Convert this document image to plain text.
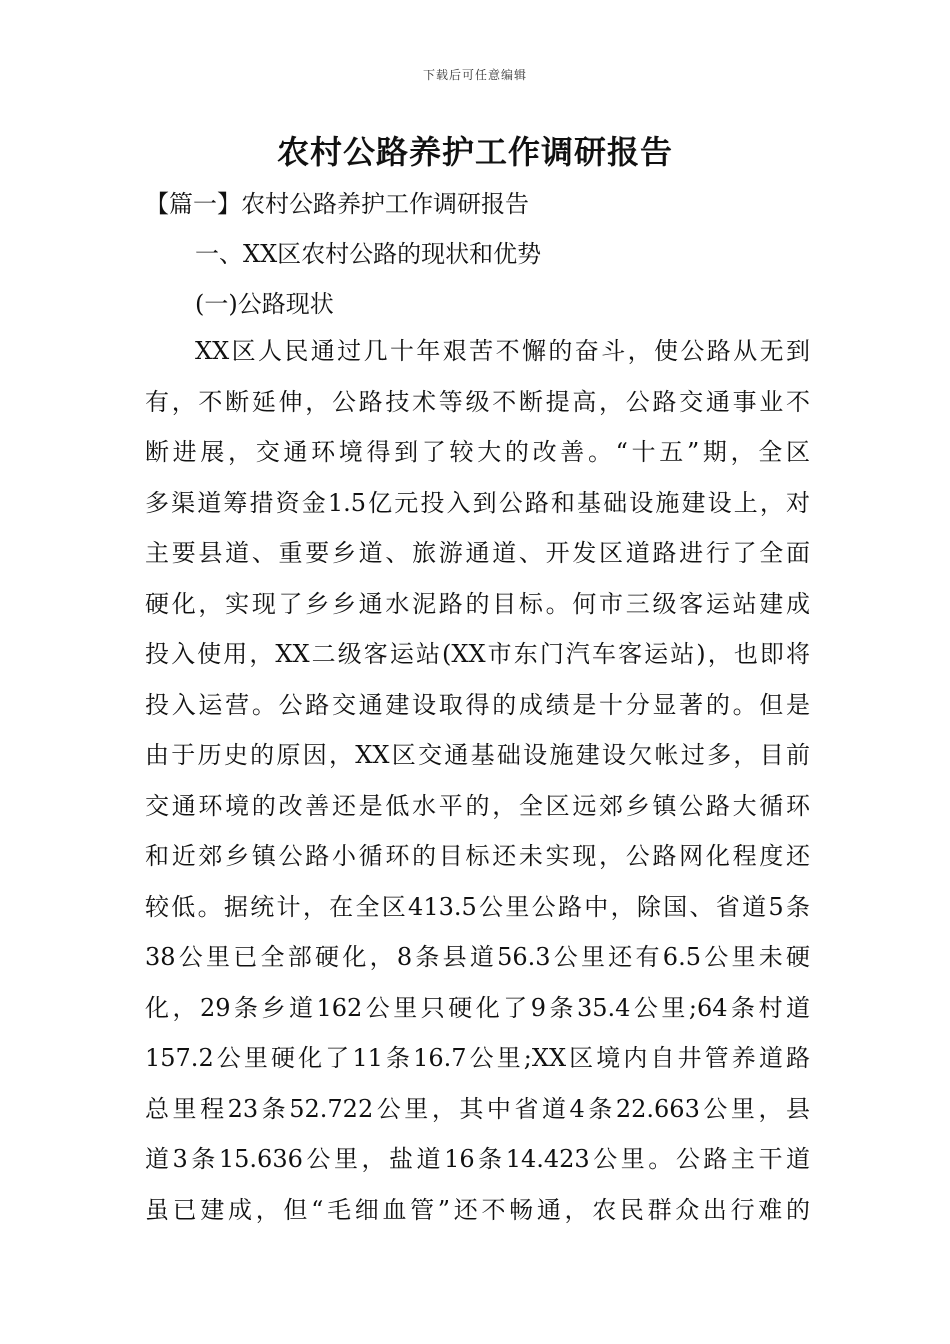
下载后可任意编辑
农村公路养护工作调研报告

【篇一】农村公路养护工作调研报告

一、XX区农村公路的现状和优势

(一)公路现状

XX区人民通过几十年艰苦不懈的奋斗，使公路从无到
有，不断延伸，公路技术等级不断提高，公路交通事业不
断进展，交通环境得到了较大的改善。“十五”期，全区
多渠道筹措资金1.5亿元投入到公路和基础设施建设上，对
主要县道、重要乡道、旅游通道、开发区道路进行了全面
硬化，实现了乡乡通水泥路的目标。何市三级客运站建成
投入使用，XX二级客运站(XX市东门汽车客运站)，也即将
投入运营。公路交通建设取得的成绩是十分显著的。但是
由于历史的原因，XX区交通基础设施建设欠帐过多，目前
交通环境的改善还是低水平的，全区远郊乡镇公路大循环
和近郊乡镇公路小循环的目标还未实现，公路网化程度还
较低。据统计，在全区413.5公里公路中，除国、省道5条
38公里已全部硬化，8条县道56.3公里还有6.5公里未硬
化，29条乡道162公里只硬化了9条35.4公里;64条村道
157.2公里硬化了11条16.7公里;XX区境内自井管养道路
总里程23条52.722公里，其中省道4条22.663公里，县
道3条15.636公里，盐道16条14.423公里。公路主干道
虽已建成，但“毛细血管”还不畅通，农民群众出行难的
